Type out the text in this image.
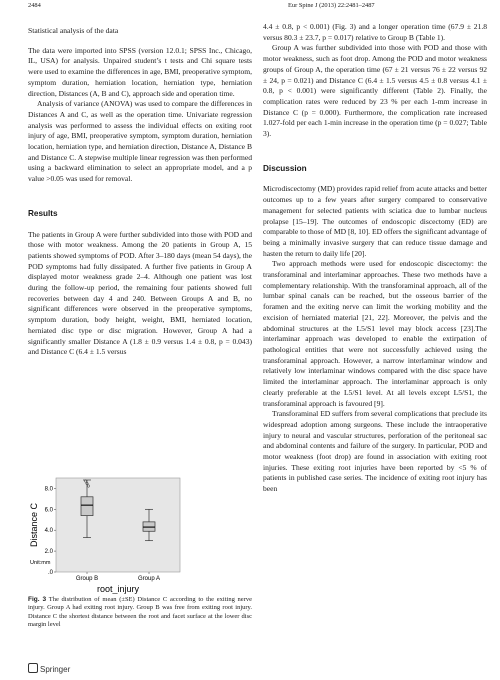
2484	Eur Spine J (2013) 22:2481–2487
Statistical analysis of the data

The data were imported into SPSS (version 12.0.1; SPSS Inc., Chicago, IL, USA) for analysis. Unpaired student’s t tests and Chi square tests were used to examine the differences in age, BMI, preoperative symptom, symptom duration, herniation location, herniation type, herniation direction, Distances (A, B and C), approach side and operation time.

Analysis of variance (ANOVA) was used to compare the differences in Distances A and C, as well as the operation time. Univariate regression analysis was performed to assess the individual effects on exiting root injury of age, BMI, preoperative symptom, symptom duration, herniation location, herniation type, and herniation direction, Distance A, Distance B and Distance C. A stepwise multiple linear regression was then performed using a backward elimination to select an appropriate model, and a p value >0.05 was used for removal.

Results

The patients in Group A were further subdivided into those with POD and those with motor weakness. Among the 20 patients in Group A, 15 patients showed symptoms of POD. After 3–180 days (mean 54 days), the POD symptoms had fully dissipated. A further five patients in Group A displayed motor weakness grade 2–4. Although one patient was lost during the follow-up period, the remaining four patients showed full recoveries between day 4 and 240. Between Groups A and B, no significant differences were observed in the preoperative symptoms, symptom duration, body height, weight, BMI, herniated location, herniated disc type or disc migration. However, Group A had a significantly smaller Distance A (1.8 ± 0.9 versus 1.4 ± 0.8, p = 0.043) and Distance C (6.4 ± 1.5 versus

4.4 ± 0.8, p < 0.001) (Fig. 3) and a longer operation time (67.9 ± 21.8 versus 80.3 ± 23.7, p = 0.017) relative to Group B (Table 1).

Group A was further subdivided into those with POD and those with motor weakness, such as foot drop. Among the POD and motor weakness groups of Group A, the operation time (67 ± 21 versus 76 ± 22 versus 92 ± 24, p = 0.021) and Distance C (6.4 ± 1.5 versus 4.5 ± 0.8 versus 4.1 ± 0.8, p < 0.001) were significantly different (Table 2). Finally, the complication rates were reduced by 23 % per each 1-mm increase in Distance C (p = 0.000). Furthermore, the complication rate increased 1.027-fold per each 1-min increase in the operation time (p = 0.027; Table 3).

Discussion

Microdiscectomy (MD) provides rapid relief from acute attacks and better outcomes up to a few years after surgery compared to conservative management for selected patients with sciatica due to lumbar nucleus prolapse [15–19]. The outcomes of endoscopic discectomy (ED) are comparable to those of MD [8, 10]. ED offers the significant advantage of being a minimally invasive surgery that can reduce tissue damage and hasten the return to daily life [20].

Two approach methods were used for endoscopic discectomy: the transforaminal and interlaminar approaches. These two methods have a complementary relationship. With the transforaminal approach, all of the lumbar spinal canals can be reached, but the osseous barrier of the foramen and the exiting nerve can limit the working mobility and the excision of herniated material [21, 22]. Moreover, the pelvis and the abdominal structures at the L5/S1 level may block access [23].The interlaminar approach was developed to enable the extirpation of pathological entities that were not successfully achieved using the transforaminal approach. However, a narrow interlaminar window and relatively low interlaminar windows compared with the disc space have limited the interlaminar approach. The interlaminar approach is only clearly preferable at the L5/S1 level. At all levels except L5/S1, the transforaminal approach is favoured [9].

Transforaminal ED suffers from several complications that preclude its widespread adoption among surgeons. These include the intraoperative injury to neural and vascular structures, perforation of the peritoneal sac and abdominal contents and failure of the surgery. In particular, POD and motor weakness (foot drop) are found in association with exiting root injuries. These exiting root injuries have been reported by <5 % of patients in published case series. The incidence of exiting root injury has been

Distance C
Unit:mm
root_injury
8.0
6.0
4.0
2.0
.0
Group B	Group A
Fig. 3 The distribution of mean (±SE) Distance C according to the exiting nerve injury. Group A had exiting root injury. Group B was free from exiting root injury. Distance C the shortest distance between the root and facet surface at the lower disc margin level
Springer
